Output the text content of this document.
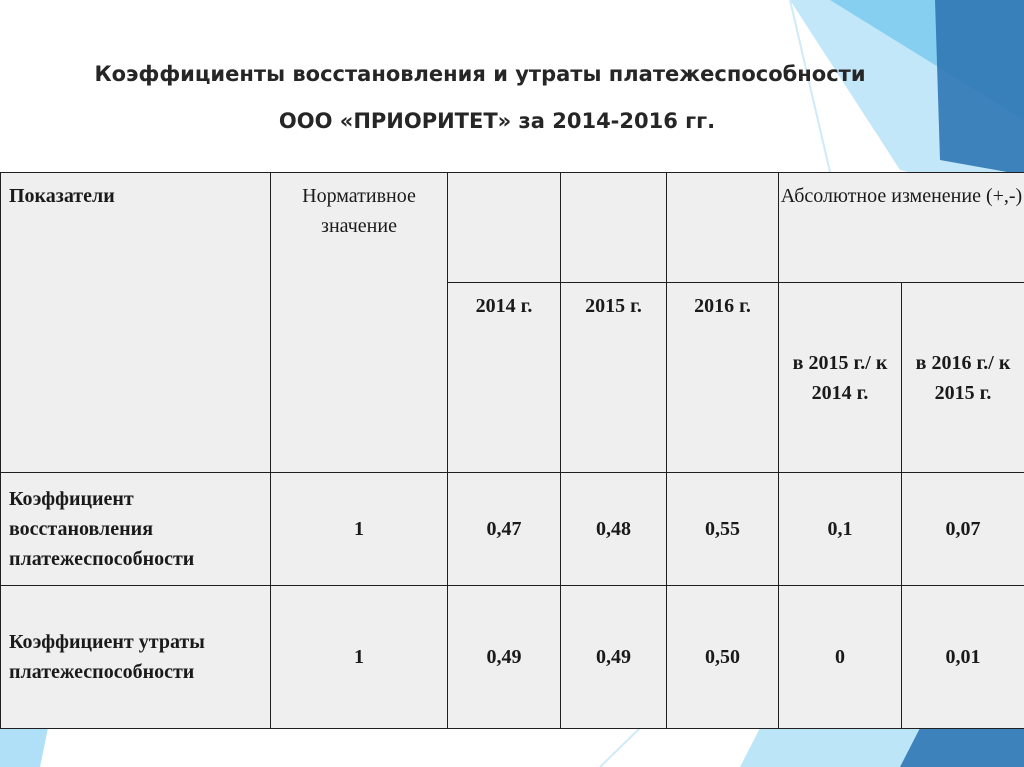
Коэффициенты восстановления и утраты платежеспособности
ООО «ПРИОРИТЕТ» за 2014-2016 гг.
Показатели	Нормативное значение				Абсолютное изменение (+,-)	
		2014 г.	2015 г.	2016 г.	в 2015 г./ к 2014 г.	в 2016 г./ к 2015 г.
Коэффициент восстановления платежеспособности	1	0,47	0,48	0,55	0,1	0,07
Коэффициент утраты платежеспособности	1	0,49	0,49	0,50	0	0,01
